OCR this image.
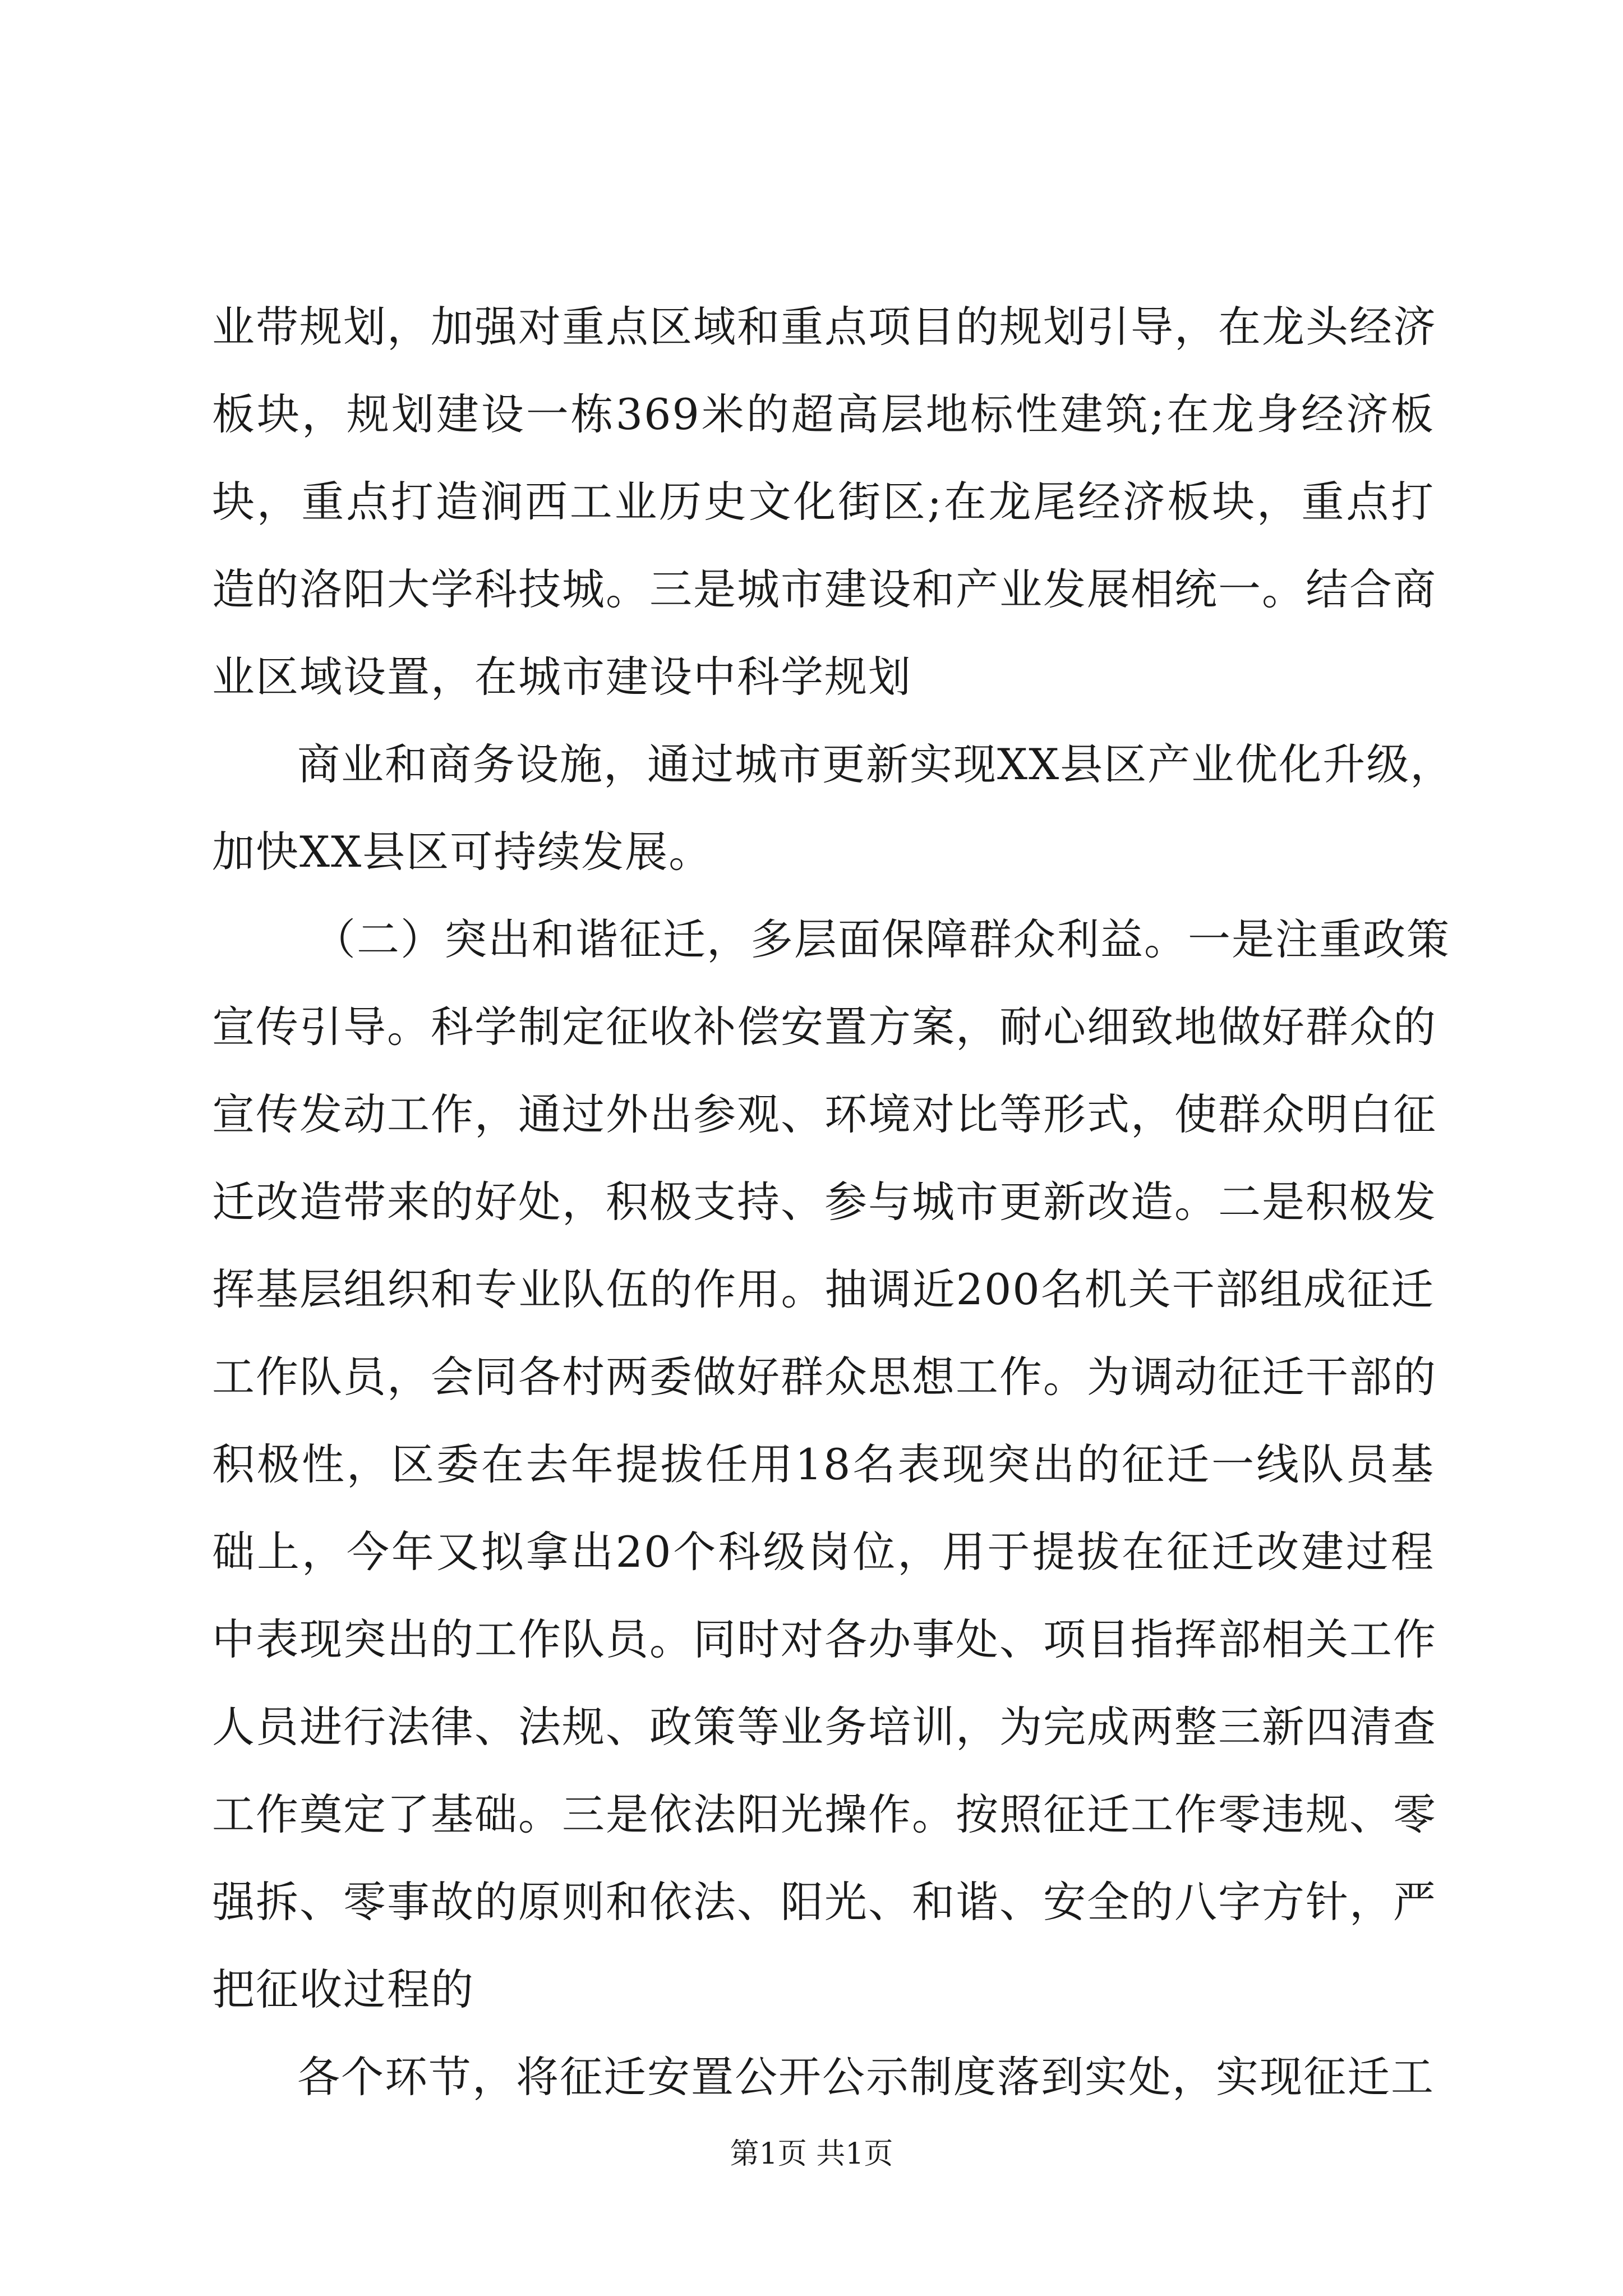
业带规划，加强对重点区域和重点项目的规划引导，在龙头经济
板块，规划建设一栋369米的超高层地标性建筑;在龙身经济板
块，重点打造涧西工业历史文化街区;在龙尾经济板块，重点打
造的洛阳大学科技城。三是城市建设和产业发展相统一。结合商
业区域设置，在城市建设中科学规划
商业和商务设施，通过城市更新实现XX县区产业优化升级，
加快XX县区可持续发展。
（二）突出和谐征迁，多层面保障群众利益。一是注重政策
宣传引导。科学制定征收补偿安置方案，耐心细致地做好群众的
宣传发动工作，通过外出参观、环境对比等形式，使群众明白征
迁改造带来的好处，积极支持、参与城市更新改造。二是积极发
挥基层组织和专业队伍的作用。抽调近200名机关干部组成征迁
工作队员，会同各村两委做好群众思想工作。为调动征迁干部的
积极性，区委在去年提拔任用18名表现突出的征迁一线队员基
础上，今年又拟拿出20个科级岗位，用于提拔在征迁改建过程
中表现突出的工作队员。同时对各办事处、项目指挥部相关工作
人员进行法律、法规、政策等业务培训，为完成两整三新四清查
工作奠定了基础。三是依法阳光操作。按照征迁工作零违规、零
强拆、零事故的原则和依法、阳光、和谐、安全的八字方针，严
把征收过程的
各个环节，将征迁安置公开公示制度落到实处，实现征迁工
第1页 共1页
